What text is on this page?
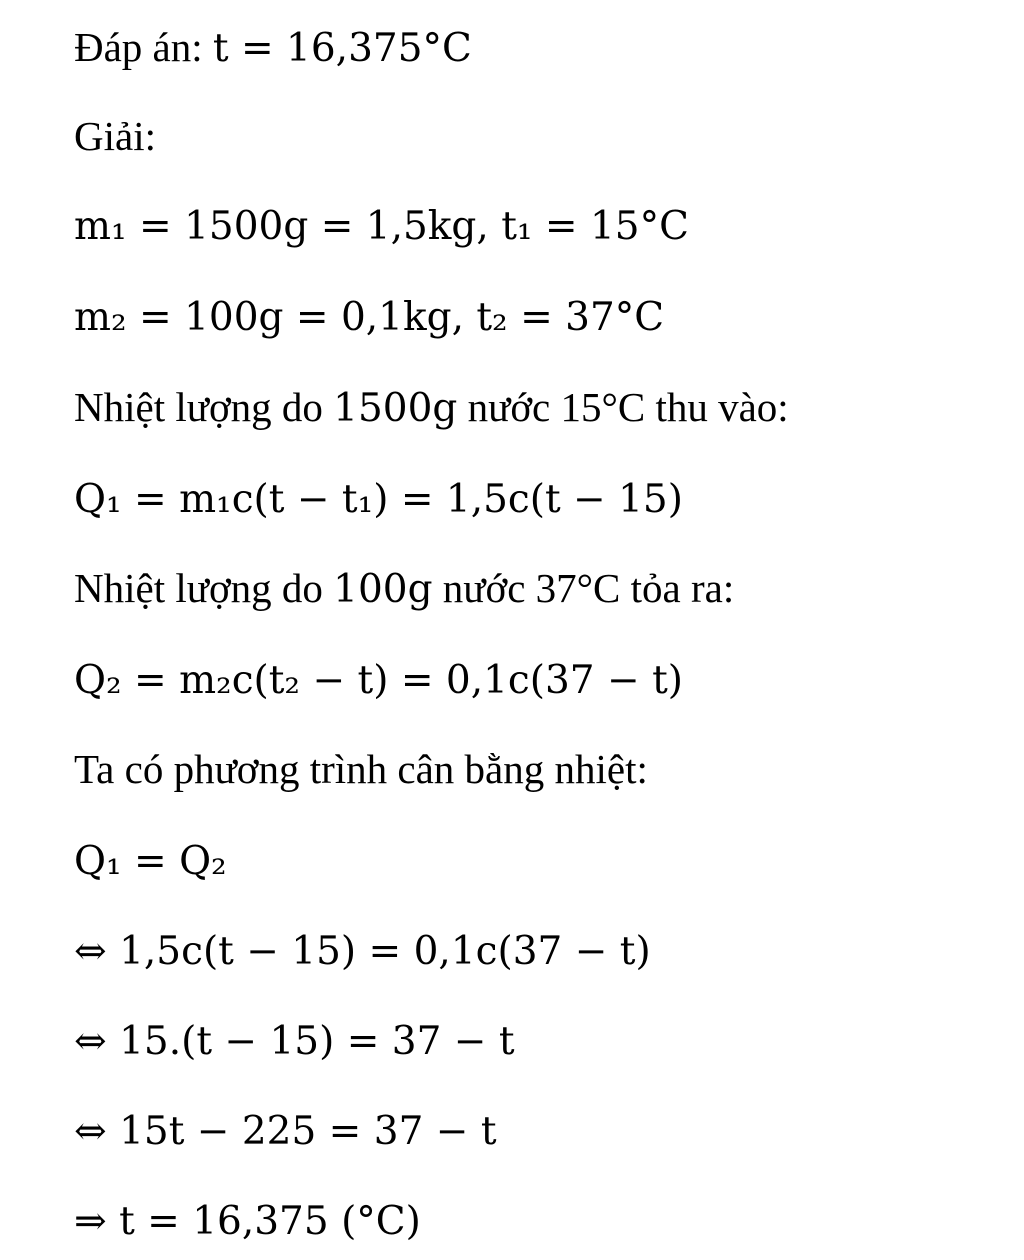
Đáp án: t = 16,375°C
Giải:
m₁ = 1500g = 1,5kg, t₁ = 15°C
m₂ = 100g = 0,1kg, t₂ = 37°C
Nhiệt lượng do 1500g nước 15°C thu vào:
Q₁ = m₁c(t − t₁) = 1,5c(t − 15)
Nhiệt lượng do 100g nước 37°C tỏa ra:
Q₂ = m₂c(t₂ − t) = 0,1c(37 − t)
Ta có phương trình cân bằng nhiệt:
Q₁ = Q₂
⇔ 1,5c(t − 15) = 0,1c(37 − t)
⇔ 15.(t − 15) = 37 − t
⇔ 15t − 225 = 37 − t
⇒ t = 16,375 (°C)
